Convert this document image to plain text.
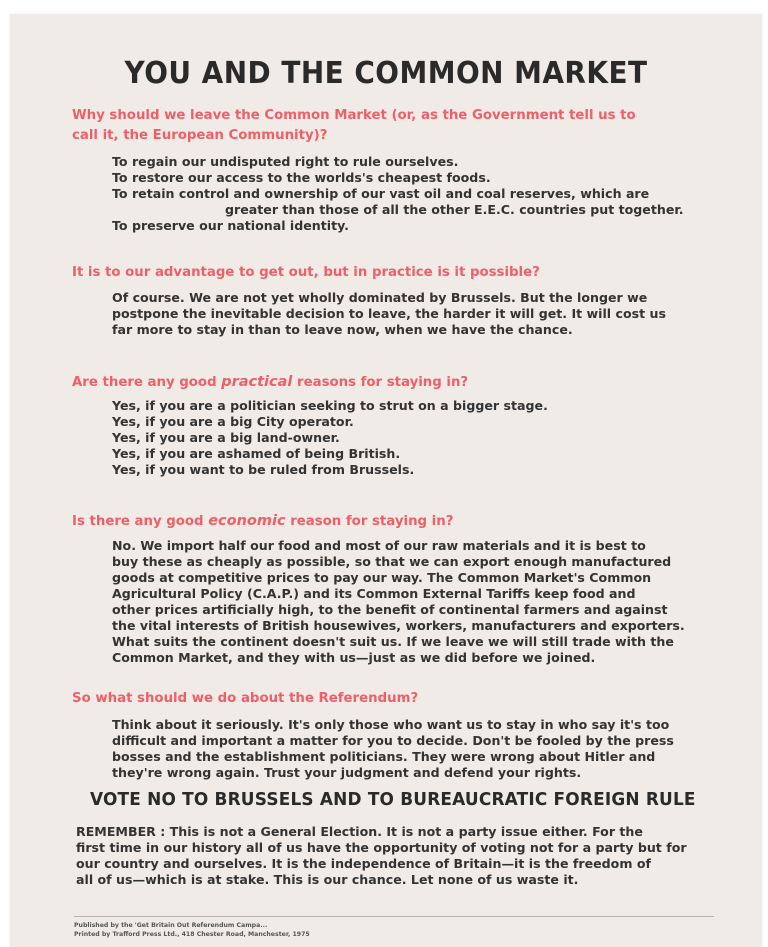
YOU AND THE COMMON MARKET

Why should we leave the Common Market (or, as the Government tell us to
call it, the European Community)?

To regain our undisputed right to rule ourselves.
To restore our access to the worlds's cheapest foods.
To retain control and ownership of our vast oil and coal reserves, which are
greater than those of all the other E.E.C. countries put together.
To preserve our national identity.

It is to our advantage to get out, but in practice is it possible?

Of course. We are not yet wholly dominated by Brussels. But the longer we
postpone the inevitable decision to leave, the harder it will get. It will cost us
far more to stay in than to leave now, when we have the chance.

Are there any good practical reasons for staying in?

Yes, if you are a politician seeking to strut on a bigger stage.
Yes, if you are a big City operator.
Yes, if you are a big land-owner.
Yes, if you are ashamed of being British.
Yes, if you want to be ruled from Brussels.

Is there any good economic reason for staying in?

No. We import half our food and most of our raw materials and it is best to
buy these as cheaply as possible, so that we can export enough manufactured
goods at competitive prices to pay our way. The Common Market's Common
Agricultural Policy (C.A.P.) and its Common External Tariffs keep food and
other prices artificially high, to the benefit of continental farmers and against
the vital interests of British housewives, workers, manufacturers and exporters.
What suits the continent doesn't suit us. If we leave we will still trade with the
Common Market, and they with us—just as we did before we joined.

So what should we do about the Referendum?

Think about it seriously. It's only those who want us to stay in who say it's too
difficult and important a matter for you to decide. Don't be fooled by the press
bosses and the establishment politicians. They were wrong about Hitler and
they're wrong again. Trust your judgment and defend your rights.
VOTE NO TO BRUSSELS AND TO BUREAUCRATIC FOREIGN RULE
REMEMBER : This is not a General Election. It is not a party issue either. For the
first time in our history all of us have the opportunity of voting not for a party but for
our country and ourselves. It is the independence of Britain—it is the freedom of
all of us—which is at stake. This is our chance. Let none of us waste it.
Published by the 'Get Britain Out Referendum Campa...
Printed by Trafford Press Ltd., 418 Chester Road, Manchester, 1975
